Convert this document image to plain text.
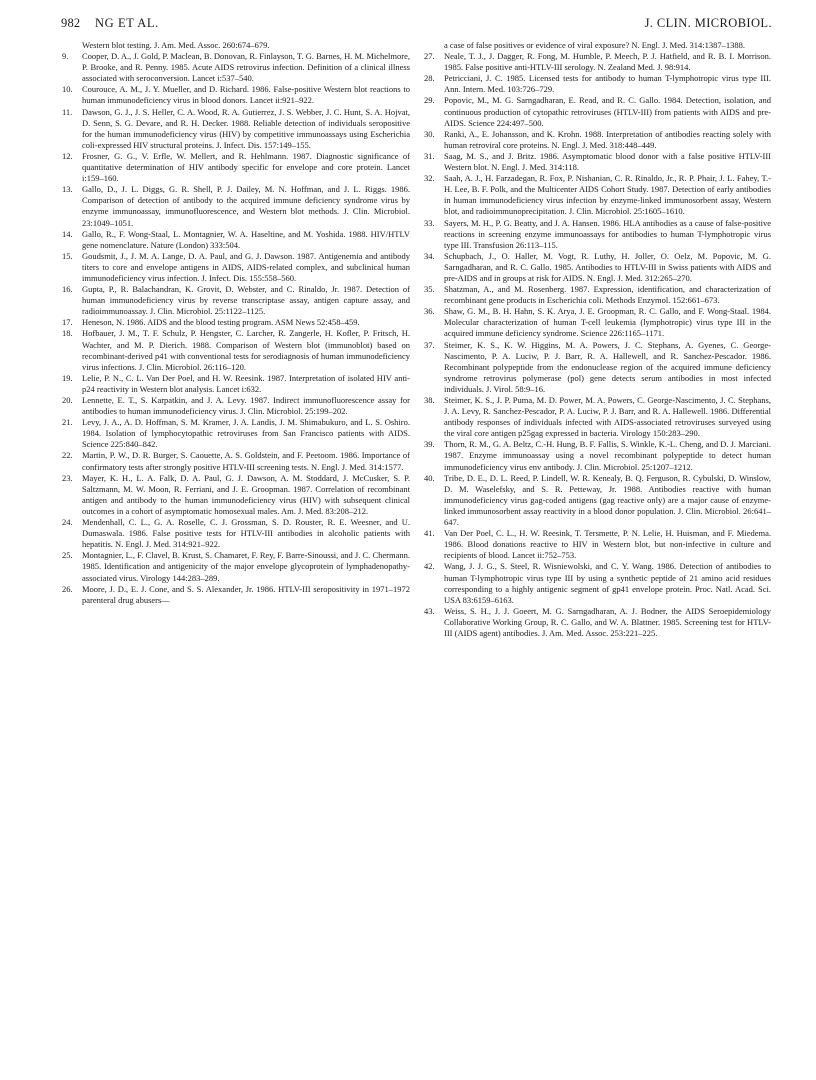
982 NG ET AL.	J. CLIN. MICROBIOL.

Western blot testing. J. Am. Med. Assoc. 260:674–679.

9. Cooper, D. A., J. Gold, P. Maclean, B. Donovan, R. Finlayson, T. G. Barnes, H. M. Michelmore, P. Brooke, and R. Penny. 1985. Acute AIDS retrovirus infection. Definition of a clinical illness associated with seroconversion. Lancet i:537–540.

10. Courouce, A. M., J. Y. Mueller, and D. Richard. 1986. False-positive Western blot reactions to human immunodeficiency virus in blood donors. Lancet ii:921–922.

11. Dawson, G. J., J. S. Heller, C. A. Wood, R. A. Gutierrez, J. S. Webber, J. C. Hunt, S. A. Hojvat, D. Senn, S. G. Devare, and R. H. Decker. 1988. Reliable detection of individuals seropositive for the human immunodeficiency virus (HIV) by competitive immunoassays using Escherichia coli-expressed HIV structural proteins. J. Infect. Dis. 157:149–155.

12. Frosner, G. G., V. Erfle, W. Mellert, and R. Hehlmann. 1987. Diagnostic significance of quantitative determination of HIV antibody specific for envelope and core protein. Lancet i:159–160.

13. Gallo, D., J. L. Diggs, G. R. Shell, P. J. Dailey, M. N. Hoffman, and J. L. Riggs. 1986. Comparison of detection of antibody to the acquired immune deficiency syndrome virus by enzyme immunoassay, immunofluorescence, and Western blot methods. J. Clin. Microbiol. 23:1049–1051.

14. Gallo, R., F. Wong-Staal, L. Montagnier, W. A. Haseltine, and M. Yoshida. 1988. HIV/HTLV gene nomenclature. Nature (London) 333:504.

15. Goudsmit, J., J. M. A. Lange, D. A. Paul, and G. J. Dawson. 1987. Antigenemia and antibody titers to core and envelope antigens in AIDS, AIDS-related complex, and subclinical human immunodeficiency virus infection. J. Infect. Dis. 155:558–560.

16. Gupta, P., R. Balachandran, K. Grovit, D. Webster, and C. Rinaldo, Jr. 1987. Detection of human immunodeficiency virus by reverse transcriptase assay, antigen capture assay, and radioimmunoassay. J. Clin. Microbiol. 25:1122–1125.

17. Heneson, N. 1986. AIDS and the blood testing program. ASM News 52:458–459.

18. Hofbauer, J. M., T. F. Schulz, P. Hengster, C. Larcher, R. Zangerle, H. Kofler, P. Fritsch, H. Wachter, and M. P. Dierich. 1988. Comparison of Western blot (immunoblot) based on recombinant-derived p41 with conventional tests for serodiagnosis of human immunodeficiency virus infections. J. Clin. Microbiol. 26:116–120.

19. Lelie, P. N., C. L. Van Der Poel, and H. W. Reesink. 1987. Interpretation of isolated HIV anti-p24 reactivity in Western blot analysis. Lancet i:632.

20. Lennette, E. T., S. Karpatkin, and J. A. Levy. 1987. Indirect immunofluorescence assay for antibodies to human immunodeficiency virus. J. Clin. Microbiol. 25:199–202.

21. Levy, J. A., A. D. Hoffman, S. M. Kramer, J. A. Landis, J. M. Shimabukuro, and L. S. Oshiro. 1984. Isolation of lymphocytopathic retroviruses from San Francisco patients with AIDS. Science 225:840–842.

22. Martin, P. W., D. R. Burger, S. Caouette, A. S. Goldstein, and F. Peetoom. 1986. Importance of confirmatory tests after strongly positive HTLV-III screening tests. N. Engl. J. Med. 314:1577.

23. Mayer, K. H., L. A. Falk, D. A. Paul, G. J. Dawson, A. M. Stoddard, J. McCusker, S. P. Saltzmann, M. W. Moon, R. Ferriani, and J. E. Groopman. 1987. Correlation of recombinant antigen and antibody to the human immunodeficiency virus (HIV) with subsequent clinical outcomes in a cohort of asymptomatic homosexual males. Am. J. Med. 83:208–212.

24. Mendenhall, C. L., G. A. Roselle, C. J. Grossman, S. D. Rouster, R. E. Weesner, and U. Dumaswala. 1986. False positive tests for HTLV-III antibodies in alcoholic patients with hepatitis. N. Engl. J. Med. 314:921–922.

25. Montagnier, L., F. Clavel, B. Krust, S. Chamaret, F. Rey, F. Barre-Sinoussi, and J. C. Chermann. 1985. Identification and antigenicity of the major envelope glycoprotein of lymphadenopathy-associated virus. Virology 144:283–289.

26. Moore, J. D., E. J. Cone, and S. S. Alexander, Jr. 1986. HTLV-III seropositivity in 1971–1972 parenteral drug abusers—

a case of false positives or evidence of viral exposure? N. Engl. J. Med. 314:1387–1388.

27. Neale, T. J., J. Dagger, R. Fong, M. Humble, P. Meech, P. J. Hatfield, and R. B. I. Morrison. 1985. False positive anti-HTLV-III serology. N. Zealand Med. J. 98:914.

28. Petricciani, J. C. 1985. Licensed tests for antibody to human T-lymphotropic virus type III. Ann. Intern. Med. 103:726–729.

29. Popovic, M., M. G. Sarngadharan, E. Read, and R. C. Gallo. 1984. Detection, isolation, and continuous production of cytopathic retroviruses (HTLV-III) from patients with AIDS and pre-AIDS. Science 224:497–500.

30. Ranki, A., E. Johansson, and K. Krohn. 1988. Interpretation of antibodies reacting solely with human retroviral core proteins. N. Engl. J. Med. 318:448–449.

31. Saag, M. S., and J. Britz. 1986. Asymptomatic blood donor with a false positive HTLV-III Western blot. N. Engl. J. Med. 314:118.

32. Saah, A. J., H. Farzadegan, R. Fox, P. Nishanian, C. R. Rinaldo, Jr., R. P. Phair, J. L. Fahey, T.-H. Lee, B. F. Polk, and the Multicenter AIDS Cohort Study. 1987. Detection of early antibodies in human immunodeficiency virus infection by enzyme-linked immunosorbent assay, Western blot, and radioimmunoprecipitation. J. Clin. Microbiol. 25:1605–1610.

33. Sayers, M. H., P. G. Beatty, and J. A. Hansen. 1986. HLA antibodies as a cause of false-positive reactions in screening enzyme immunoassays for antibodies to human T-lymphotropic virus type III. Transfusion 26:113–115.

34. Schupbach, J., O. Haller, M. Vogt, R. Luthy, H. Joller, O. Oelz, M. Popovic, M. G. Sarngadharan, and R. C. Gallo. 1985. Antibodies to HTLV-III in Swiss patients with AIDS and pre-AIDS and in groups at risk for AIDS. N. Engl. J. Med. 312:265–270.

35. Shatzman, A., and M. Rosenberg. 1987. Expression, identification, and characterization of recombinant gene products in Escherichia coli. Methods Enzymol. 152:661–673.

36. Shaw, G. M., B. H. Hahn, S. K. Arya, J. E. Groopman, R. C. Gallo, and F. Wong-Staal. 1984. Molecular characterization of human T-cell leukemia (lymphotropic) virus type III in the acquired immune deficiency syndrome. Science 226:1165–1171.

37. Steimer, K. S., K. W. Higgins, M. A. Powers, J. C. Stephans, A. Gyenes, C. George-Nascimento, P. A. Luciw, P. J. Barr, R. A. Hallewell, and R. Sanchez-Pescador. 1986. Recombinant polypeptide from the endonuclease region of the acquired immune deficiency syndrome retrovirus polymerase (pol) gene detects serum antibodies in most infected individuals. J. Virol. 58:9–16.

38. Steimer, K. S., J. P. Puma, M. D. Power, M. A. Powers, C. George-Nascimento, J. C. Stephans, J. A. Levy, R. Sanchez-Pescador, P. A. Luciw, P. J. Barr, and R. A. Hallewell. 1986. Differential antibody responses of individuals infected with AIDS-associated retroviruses surveyed using the viral core antigen p25gag expressed in bacteria. Virology 150:283–290.

39. Thorn, R. M., G. A. Beltz, C.-H. Hung, B. F. Fallis, S. Winkle, K.-L. Cheng, and D. J. Marciani. 1987. Enzyme immunoassay using a novel recombinant polypeptide to detect human immunodeficiency virus env antibody. J. Clin. Microbiol. 25:1207–1212.

40. Tribe, D. E., D. L. Reed, P. Lindell, W. R. Kenealy, B. Q. Ferguson, R. Cybulski, D. Winslow, D. M. Waselefsky, and S. R. Petteway, Jr. 1988. Antibodies reactive with human immunodeficiency virus gag-coded antigens (gag reactive only) are a major cause of enzyme-linked immunosorbent assay reactivity in a blood donor population. J. Clin. Microbiol. 26:641–647.

41. Van Der Poel, C. L., H. W. Reesink, T. Tersmette, P. N. Lelie, H. Huisman, and F. Miedema. 1986. Blood donations reactive to HIV in Western blot, but non-infective in culture and recipients of blood. Lancet ii:752–753.

42. Wang, J. J. G., S. Steel, R. Wisniewolski, and C. Y. Wang. 1986. Detection of antibodies to human T-lymphotropic virus type III by using a synthetic peptide of 21 amino acid residues corresponding to a highly antigenic segment of gp41 envelope protein. Proc. Natl. Acad. Sci. USA 83:6159–6163.

43. Weiss, S. H., J. J. Goeert, M. G. Sarngadharan, A. J. Bodner, the AIDS Seroepidemiology Collaborative Working Group, R. C. Gallo, and W. A. Blattner. 1985. Screening test for HTLV-III (AIDS agent) antibodies. J. Am. Med. Assoc. 253:221–225.
